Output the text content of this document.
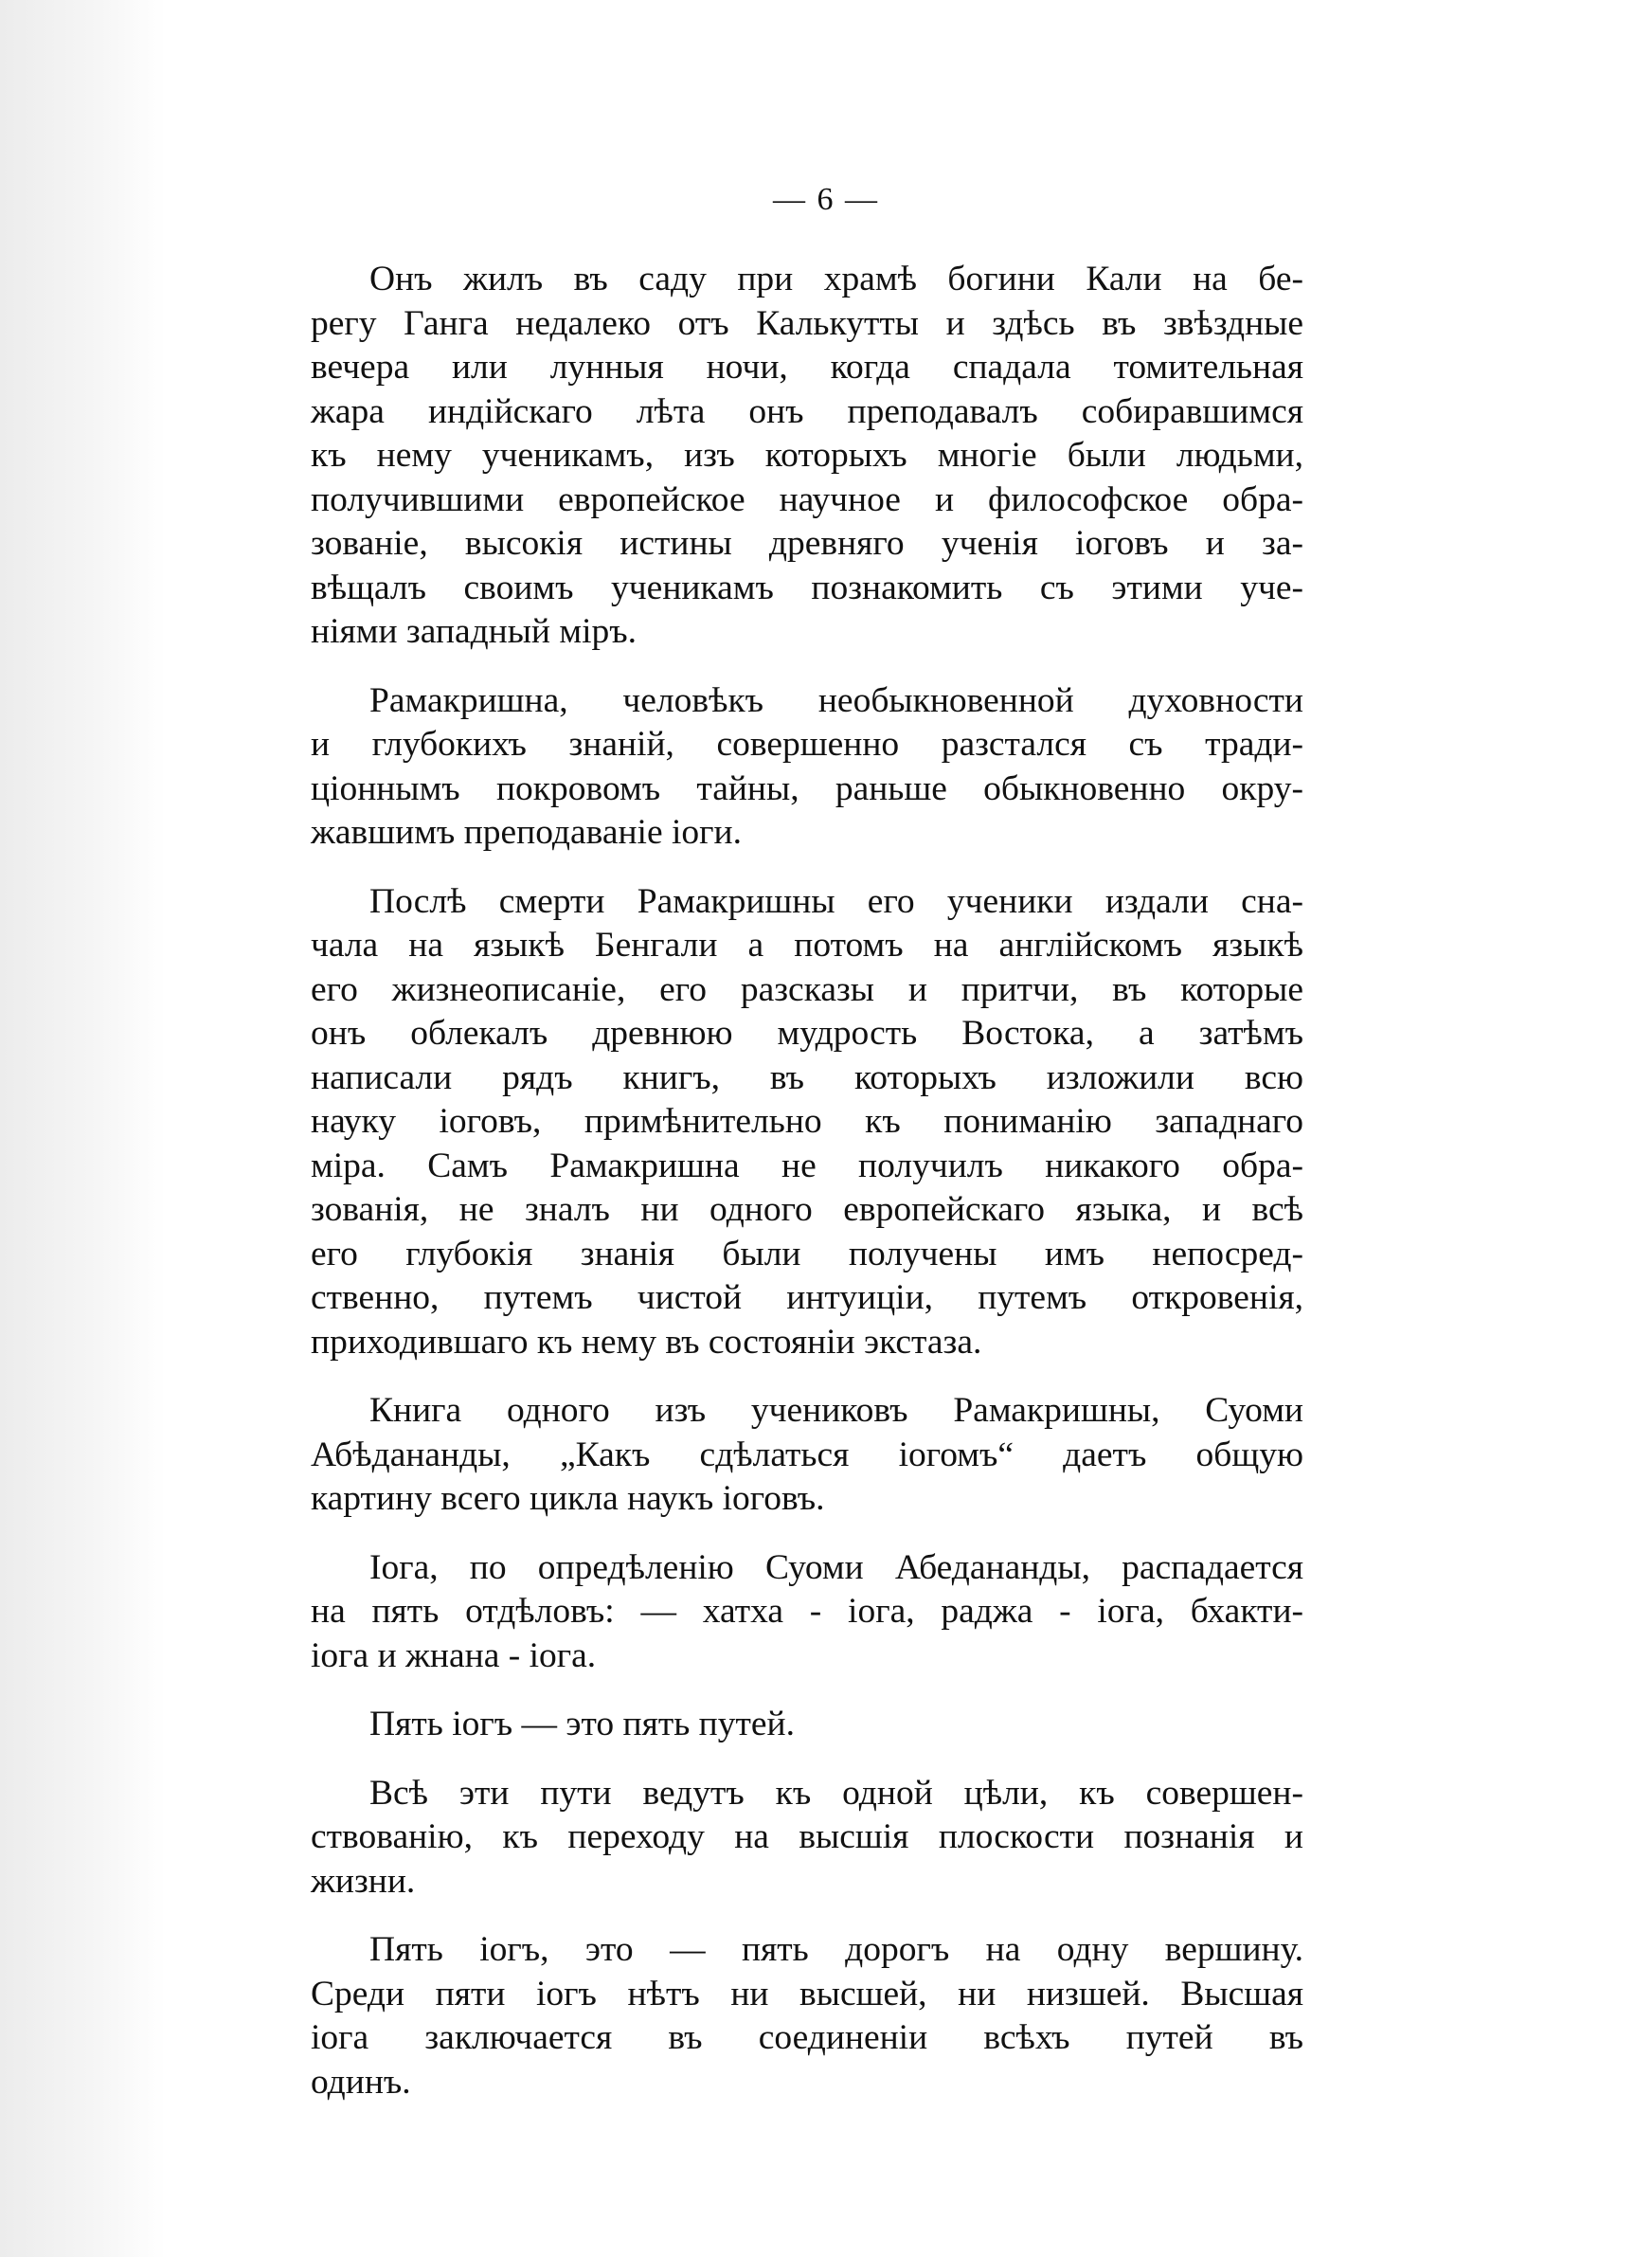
— 6 —

Онъ жилъ въ саду при храмѣ богини Кали на бе-
регу Ганга недалеко отъ Калькутты и здѣсь въ звѣздные
вечера или лунныя ночи, когда спадала томительная
жара индійскаго лѣта онъ преподавалъ собиравшимся
къ нему ученикамъ, изъ которыхъ многіе были людьми,
получившими европейское научное и философское обра-
зованіе, высокія истины древняго ученія іоговъ и за-
вѣщалъ своимъ ученикамъ познакомить съ этими уче-
ніями западный міръ.

Рамакришна, человѣкъ необыкновенной духовности
и глубокихъ знаній, совершенно разстался съ тради-
ціоннымъ покровомъ тайны, раньше обыкновенно окру-
жавшимъ преподаваніе іоги.

Послѣ смерти Рамакришны его ученики издали сна-
чала на языкѣ Бенгали а потомъ на англійскомъ языкѣ
его жизнеописаніе, его разсказы и притчи, въ которые
онъ облекалъ древнюю мудрость Востока, а затѣмъ
написали рядъ книгъ, въ которыхъ изложили всю
науку іоговъ, примѣнительно къ пониманію западнаго
міра. Самъ Рамакришна не получилъ никакого обра-
зованія, не зналъ ни одного европейскаго языка, и всѣ
его глубокія знанія были получены имъ непосред-
ственно, путемъ чистой интуиціи, путемъ откровенія,
приходившаго къ нему въ состояніи экстаза.

Книга одного изъ учениковъ Рамакришны, Суоми
Абѣдананды, „Какъ сдѣлаться іогомъ“ даетъ общую
картину всего цикла наукъ іоговъ.

Іога, по опредѣленію Суоми Абедананды, распадается
на пять отдѣловъ: — хатха - іога, раджа - іога, бхакти-
іога и жнана - іога.

Пять іогъ — это пять путей.

Всѣ эти пути ведутъ къ одной цѣли, къ совершен-
ствованію, къ переходу на высшія плоскости познанія и
жизни.

Пять іогъ, это — пять дорогъ на одну вершину.
Среди пяти іогъ нѣтъ ни высшей, ни низшей. Высшая
іога заключается въ соединеніи всѣхъ путей въ
одинъ.
